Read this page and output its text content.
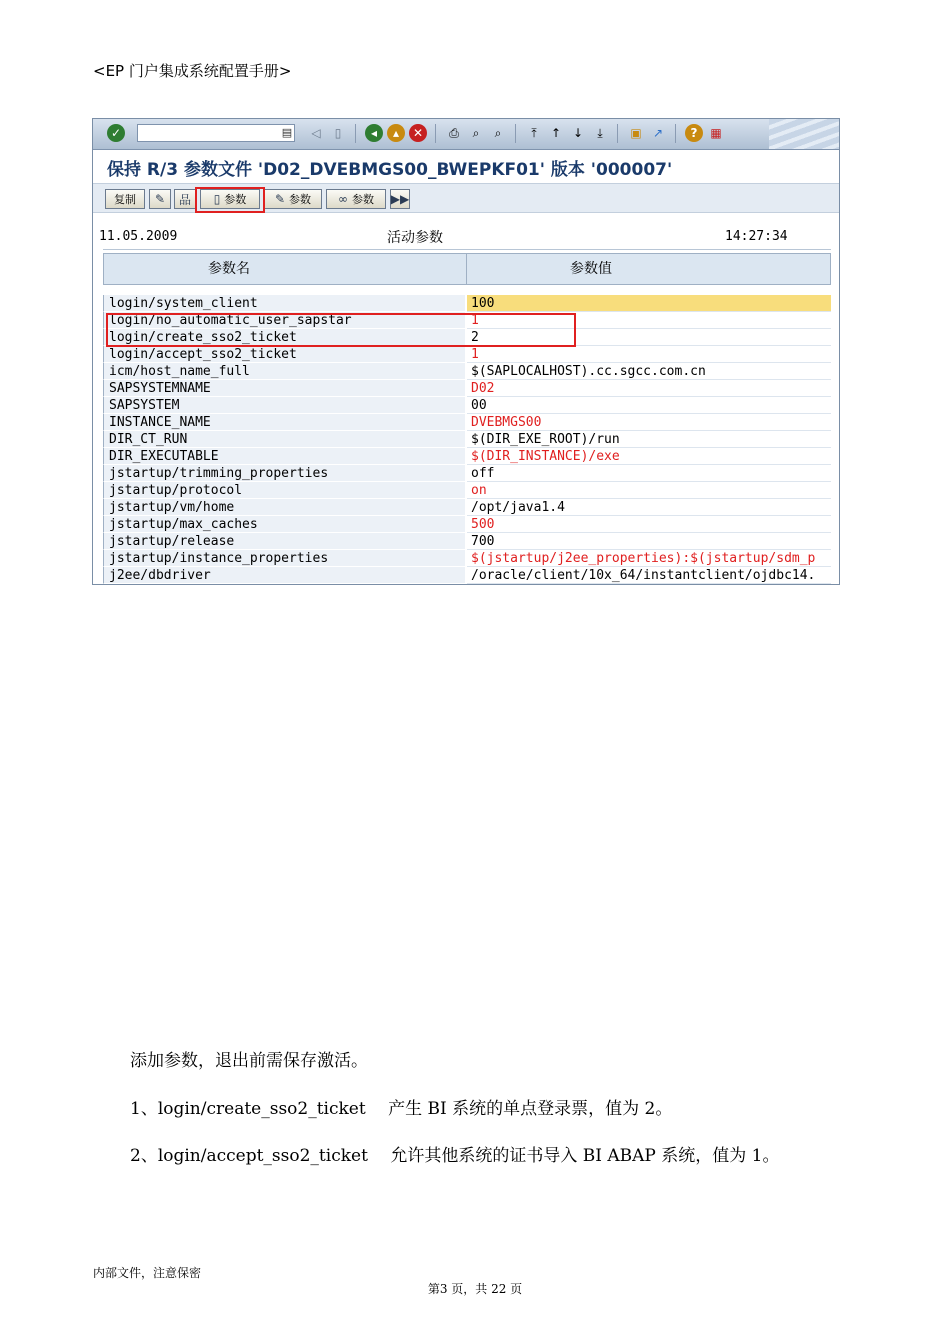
<EP 门户集成系统配置手册>
✓	▤	◁	▯	◂	▴	✕	⎙	⌕	⌕	⤒	↑ ↓	⤓	▣ ↗	?	▦
保持 R/3 参数文件 'D02_DVEBMGS00_BWEPKF01' 版本 '000007'
复制 ✎ 品 ▯ 参数 ✎ 参数 ∞ 参数 ▶▶
11.05.2009	活动参数	14:27:34
参数名	参数值
login/system_client	100
login/no_automatic_user_sapstar	1
login/create_sso2_ticket	2
login/accept_sso2_ticket	1
icm/host_name_full	$(SAPLOCALHOST).cc.sgcc.com.cn
SAPSYSTEMNAME	D02
SAPSYSTEM	00
INSTANCE_NAME	DVEBMGS00
DIR_CT_RUN	$(DIR_EXE_ROOT)/run
DIR_EXECUTABLE	$(DIR_INSTANCE)/exe
jstartup/trimming_properties	off
jstartup/protocol	on
jstartup/vm/home	/opt/java1.4
jstartup/max_caches	500
jstartup/release	700
jstartup/instance_properties	$(jstartup/j2ee_properties):$(jstartup/sdm_p
j2ee/dbdriver	/oracle/client/10x_64/instantclient/ojdbc14.
添加参数，退出前需保存激活。
1、login/create_sso2_ticket　 产生 BI 系统的单点登录票，值为 2。
2、login/accept_sso2_ticket　 允许其他系统的证书导入 BI ABAP 系统，值为 1。
内部文件，注意保密
第3 页，共 22 页
